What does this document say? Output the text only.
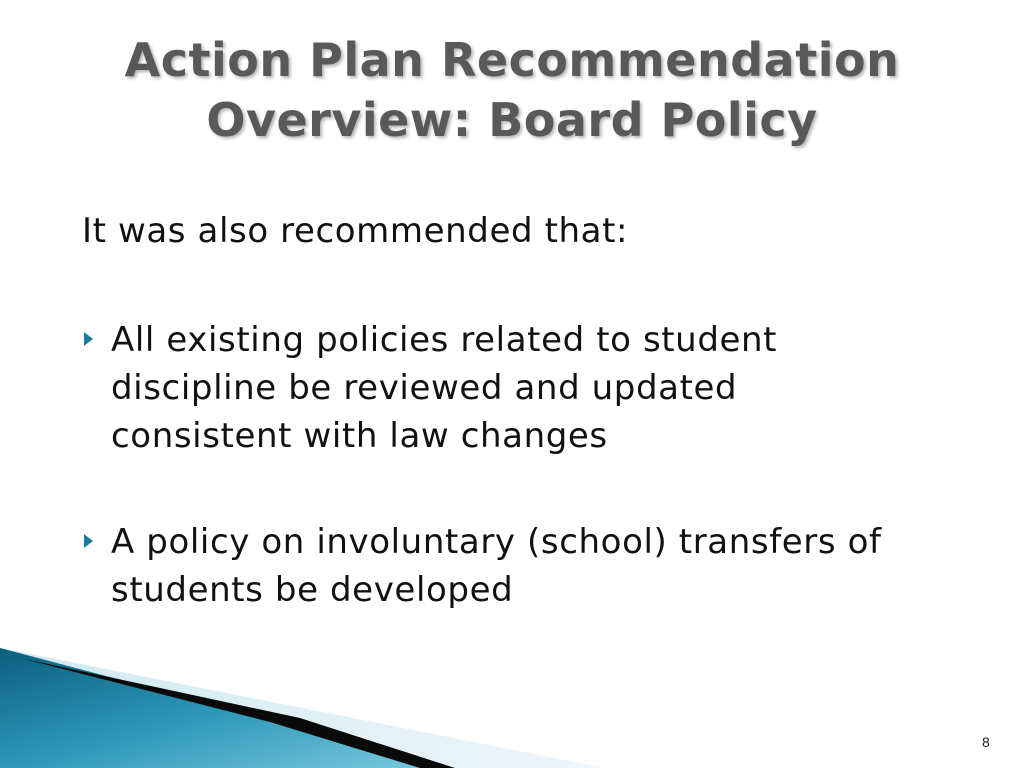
Action Plan Recommendation
Overview: Board Policy
It was also recommended that:
All existing policies related to student discipline be reviewed and updated consistent with law changes
A policy on involuntary (school) transfers of students be developed
8
